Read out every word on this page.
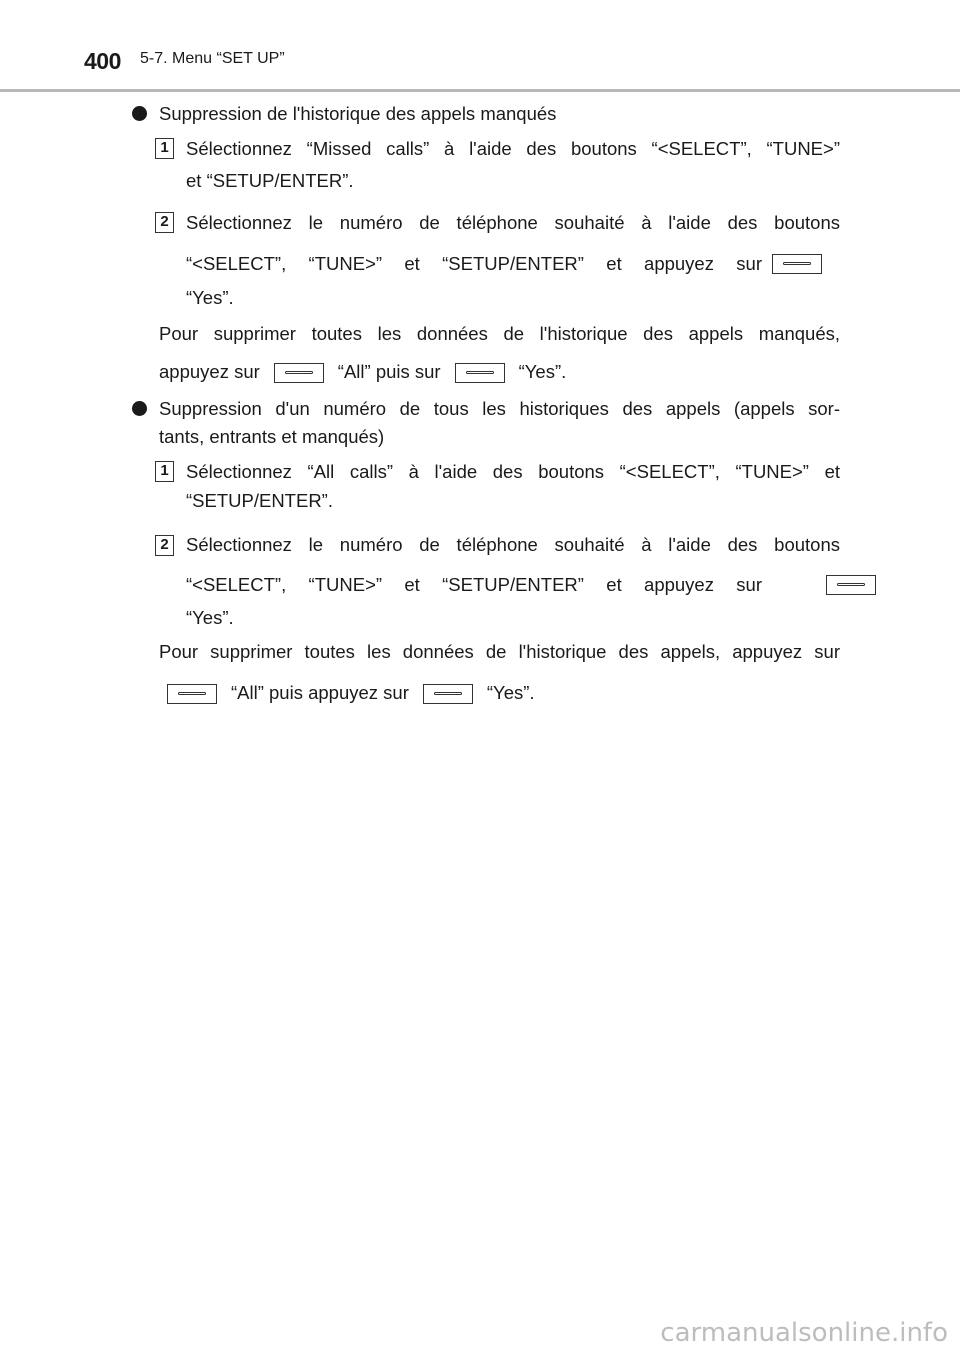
400 5-7. Menu “SET UP”
Suppression de l'historique des appels manqués
1 Sélectionnez “Missed calls” à l'aide des boutons “<SELECT”, “TUNE>”
et “SETUP/ENTER”.
2 Sélectionnez le numéro de téléphone souhaité à l'aide des boutons
“<SELECT”, “TUNE>” et “SETUP/ENTER” et appuyez sur

“Yes”.
Pour supprimer toutes les données de l'historique des appels manqués,
appuyez sur	“All” puis sur	“Yes”.
Suppression d'un numéro de tous les historiques des appels (appels sor-
tants, entrants et manqués)
1 Sélectionnez “All calls” à l'aide des boutons “<SELECT”, “TUNE>” et
“SETUP/ENTER”.
2 Sélectionnez le numéro de téléphone souhaité à l'aide des boutons
“<SELECT”, “TUNE>” et “SETUP/ENTER” et appuyez sur
“Yes”.
Pour supprimer toutes les données de l'historique des appels, appuyez sur
“All” puis appuyez sur	“Yes”.
carmanualsonline.info
